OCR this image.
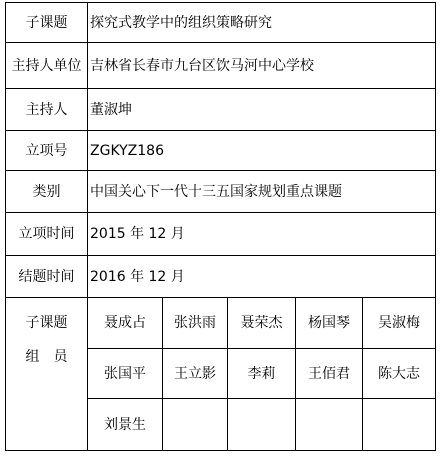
子课题	探究式教学中的组织策略研究
主持人单位 吉林省长春市九台区饮马河中心学校
主持人	董淑坤
立项号	ZGKYZ186
类别	中国关心下一代十三五国家规划重点课题
立项时间	2015 年 12 月
结题时间	2016 年 12 月
子课题
组　员
聂成占	张洪雨	聂荣杰	杨国琴	吴淑梅
张国平	王立影	李莉	王佰君	陈大志
刘景生
